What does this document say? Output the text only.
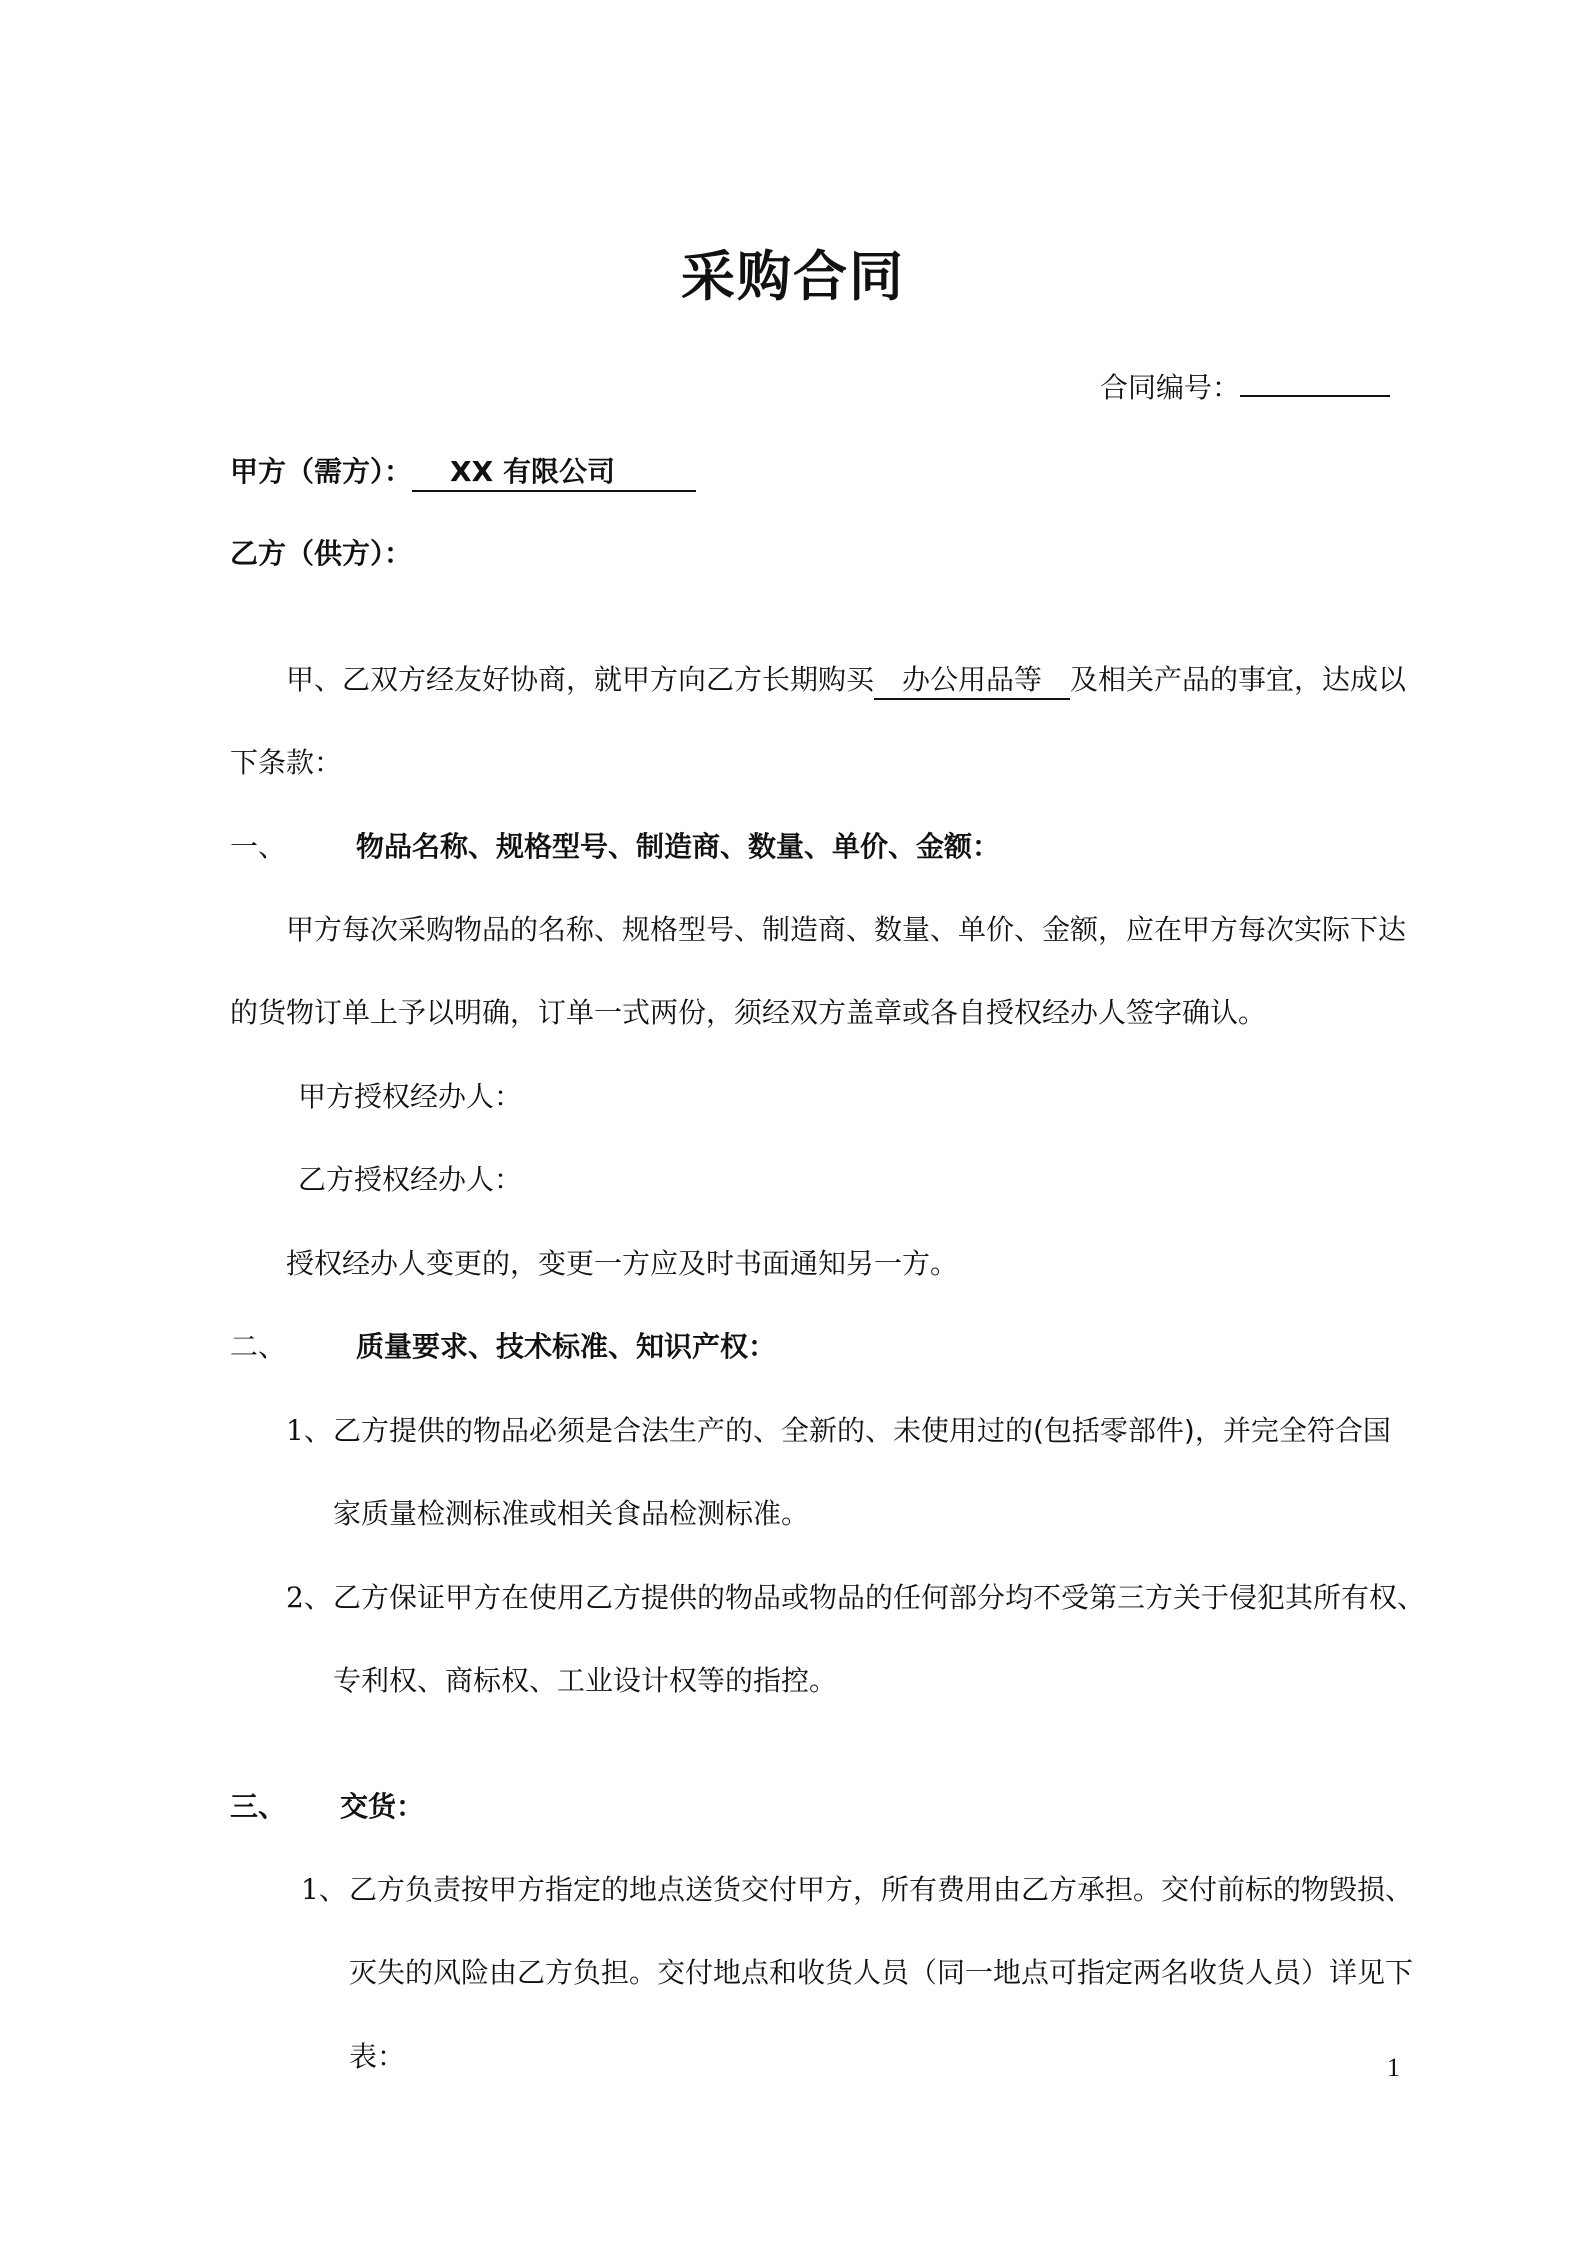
采购合同
合同编号：
甲方（需方）： XX 有限公司
乙方（供方）：
甲、乙双方经友好协商，就甲方向乙方长期购买 办公用品等 及相关产品的事宜，达成以
下条款：
一、 物品名称、规格型号、制造商、数量、单价、金额：
甲方每次采购物品的名称、规格型号、制造商、数量、单价、金额，应在甲方每次实际下达
的货物订单上予以明确，订单一式两份，须经双方盖章或各自授权经办人签字确认。
甲方授权经办人：
乙方授权经办人：
授权经办人变更的，变更一方应及时书面通知另一方。
二、 质量要求、技术标准、知识产权：
1、 乙方提供的物品必须是合法生产的、全新的、未使用过的(包括零部件)，并完全符合国
家质量检测标准或相关食品检测标准。
2、 乙方保证甲方在使用乙方提供的物品或物品的任何部分均不受第三方关于侵犯其所有权、
专利权、商标权、工业设计权等的指控。
三、 交货：
1、 乙方负责按甲方指定的地点送货交付甲方，所有费用由乙方承担。交付前标的物毁损、
灭失的风险由乙方负担。交付地点和收货人员（同一地点可指定两名收货人员）详见下
表：	1
